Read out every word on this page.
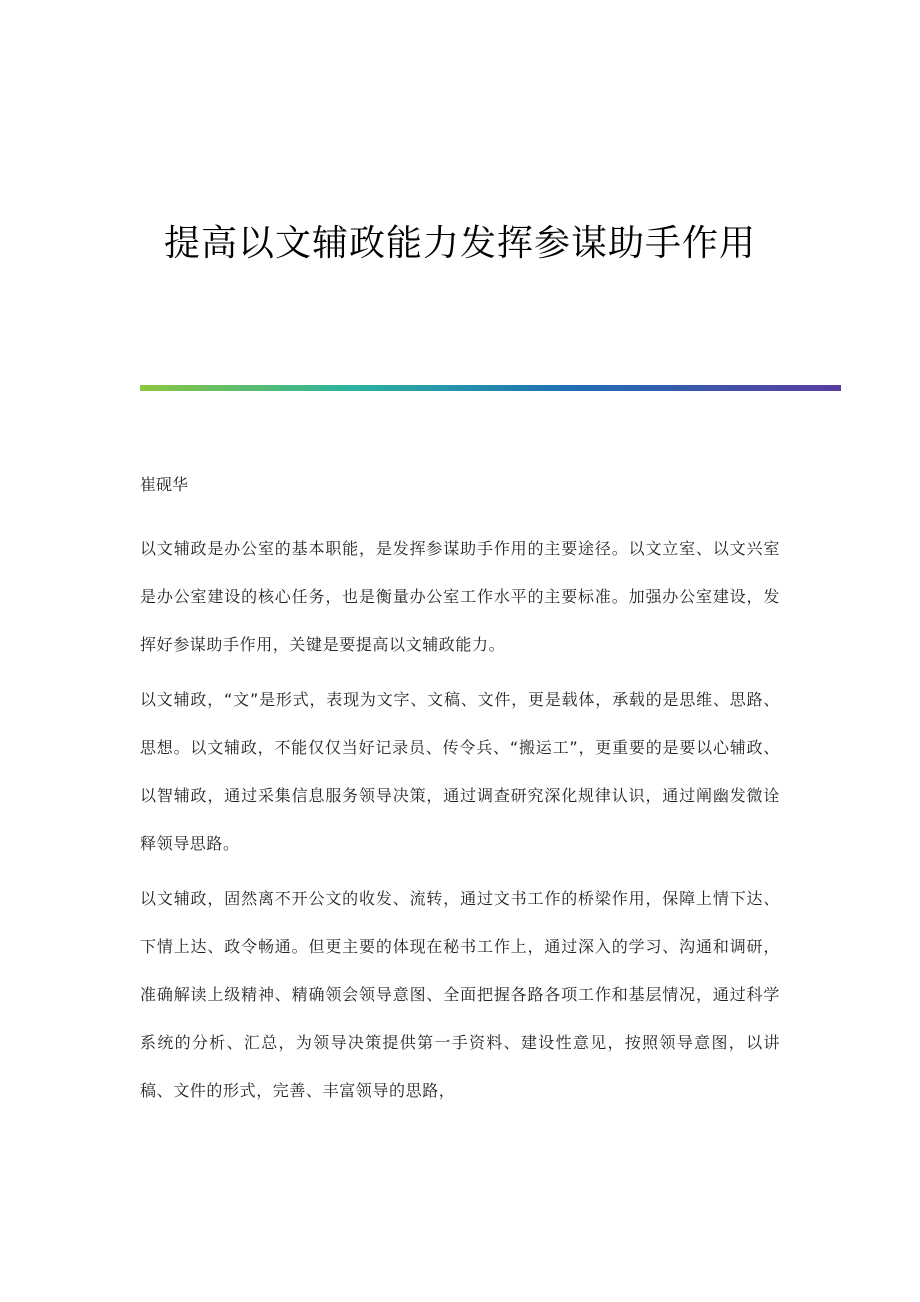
提高以文辅政能力发挥参谋助手作用

崔砚华

以文辅政是办公室的基本职能，是发挥参谋助手作用的主要途径。以文立室、以文兴室是办公室建设的核心任务，也是衡量办公室工作水平的主要标准。加强办公室建设，发挥好参谋助手作用，关键是要提高以文辅政能力。

以文辅政，“文”是形式，表现为文字、文稿、文件，更是载体，承载的是思维、思路、思想。以文辅政，不能仅仅当好记录员、传令兵、“搬运工”，更重要的是要以心辅政、以智辅政，通过采集信息服务领导决策，通过调查研究深化规律认识，通过阐幽发微诠释领导思路。

以文辅政，固然离不开公文的收发、流转，通过文书工作的桥梁作用，保障上情下达、下情上达、政令畅通。但更主要的体现在秘书工作上，通过深入的学习、沟通和调研，准确解读上级精神、精确领会领导意图、全面把握各路各项工作和基层情况，通过科学系统的分析、汇总，为领导决策提供第一手资料、建设性意见，按照领导意图，以讲稿、文件的形式，完善、丰富领导的思路，
